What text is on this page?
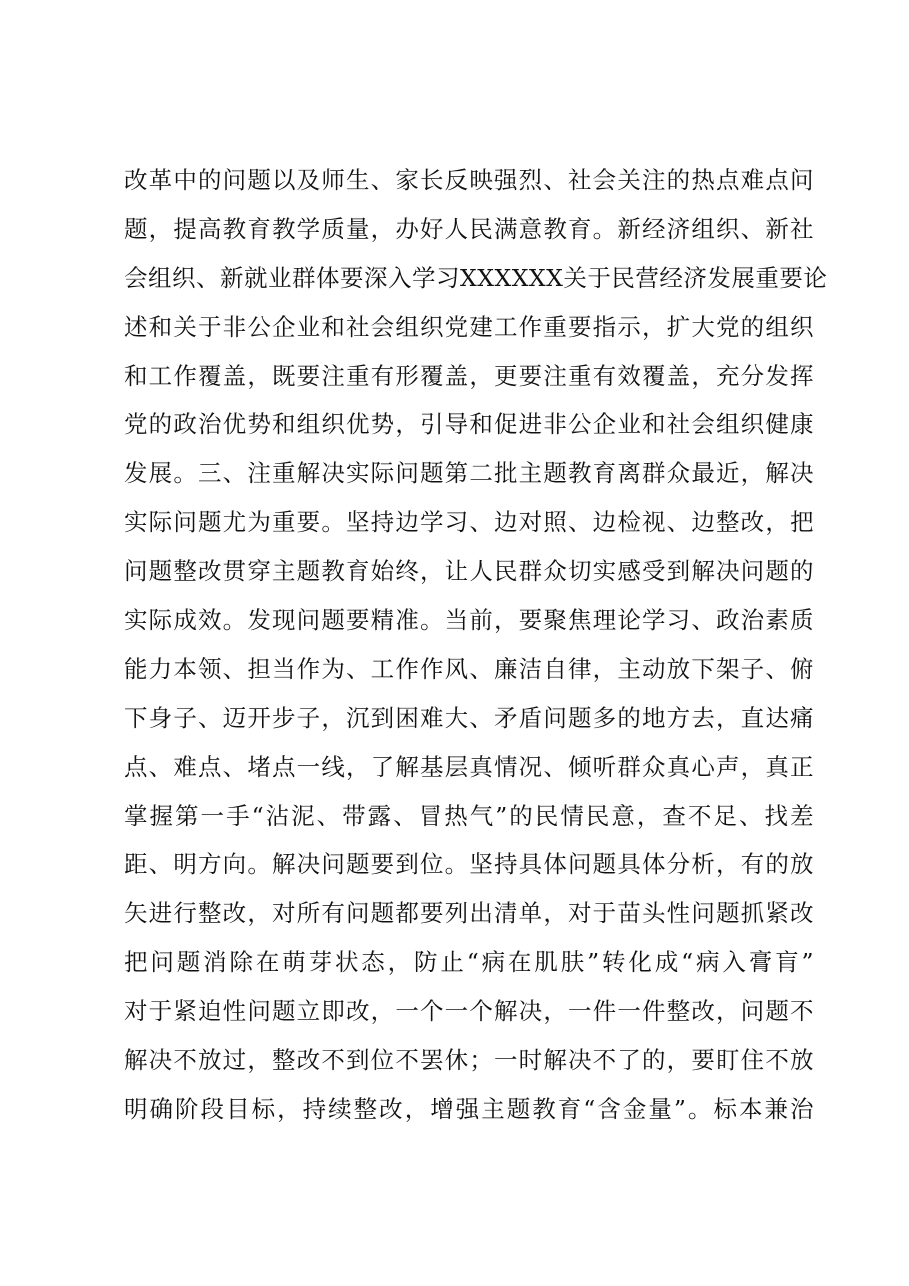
改革中的问题以及师生、家长反映强烈、社会关注的热点难点问
题，提高教育教学质量，办好人民满意教育。新经济组织、新社
会组织、新就业群体要深入学习XXXXXX关于民营经济发展重要论
述和关于非公企业和社会组织党建工作重要指示，扩大党的组织
和工作覆盖，既要注重有形覆盖，更要注重有效覆盖，充分发挥
党的政治优势和组织优势，引导和促进非公企业和社会组织健康
发展。三、注重解决实际问题第二批主题教育离群众最近，解决
实际问题尤为重要。坚持边学习、边对照、边检视、边整改，把
问题整改贯穿主题教育始终，让人民群众切实感受到解决问题的
实际成效。发现问题要精准。当前，要聚焦理论学习、政治素质
能力本领、担当作为、工作作风、廉洁自律，主动放下架子、俯
下身子、迈开步子，沉到困难大、矛盾问题多的地方去，直达痛
点、难点、堵点一线，了解基层真情况、倾听群众真心声，真正
掌握第一手“沾泥、带露、冒热气”的民情民意，查不足、找差
距、明方向。解决问题要到位。坚持具体问题具体分析，有的放
矢进行整改，对所有问题都要列出清单，对于苗头性问题抓紧改
把问题消除在萌芽状态，防止“病在肌肤”转化成“病入膏肓”
对于紧迫性问题立即改，一个一个解决，一件一件整改，问题不
解决不放过，整改不到位不罢休；一时解决不了的，要盯住不放
明确阶段目标，持续整改，增强主题教育“含金量”。标本兼治
